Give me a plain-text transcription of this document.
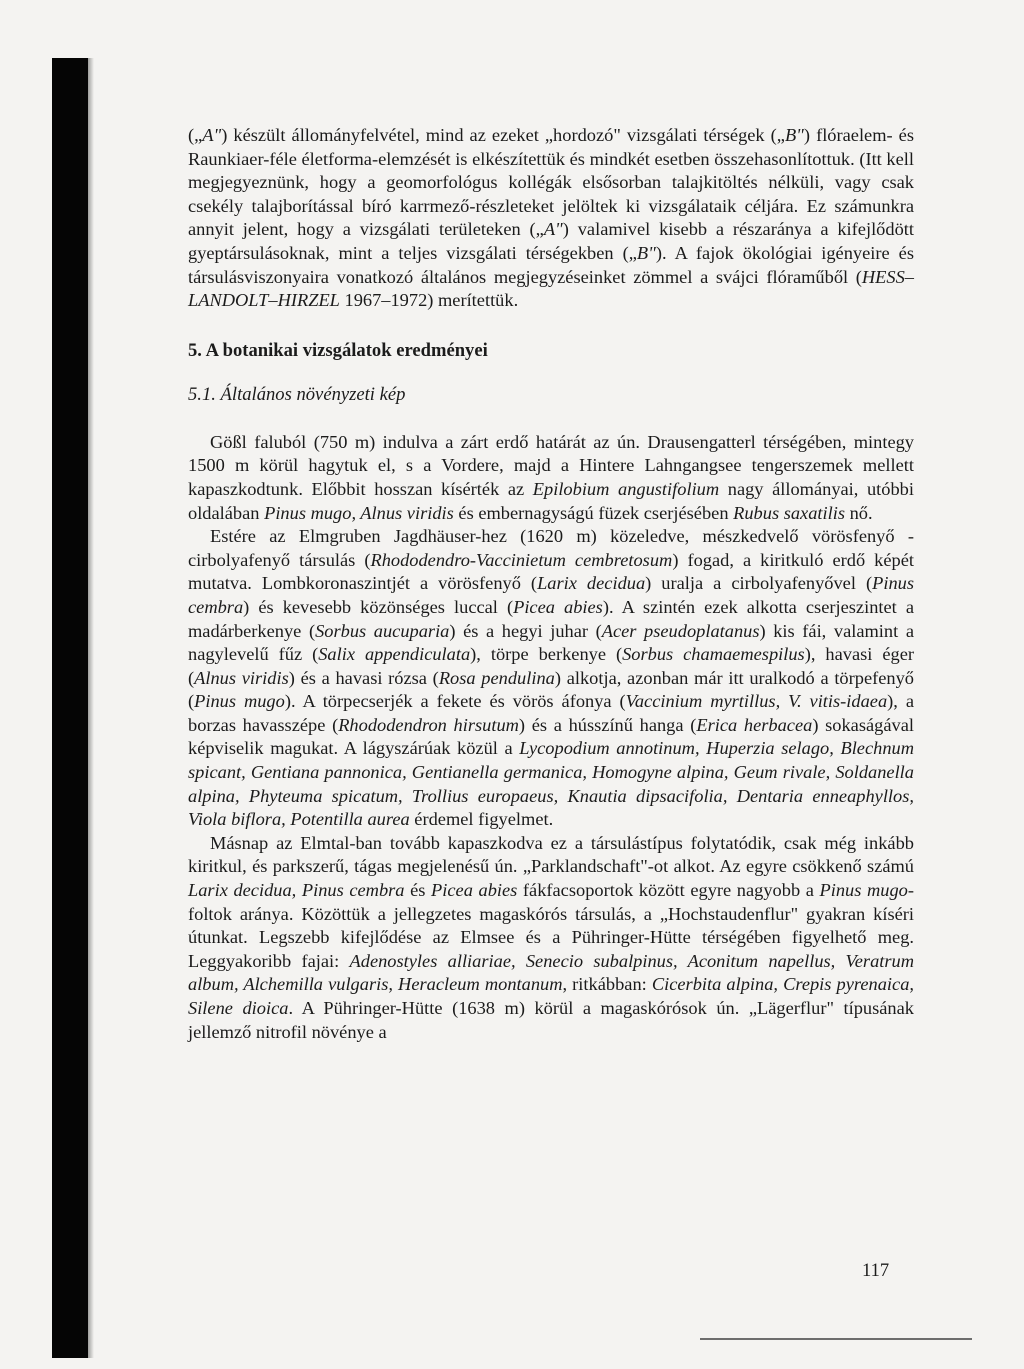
(„A") készült állományfelvétel, mind az ezeket „hordozó" vizsgálati térségek („B") flóraelem- és Raunkiaer-féle életforma-elemzését is elkészítettük és mindkét esetben összehasonlítottuk. (Itt kell megjegyeznünk, hogy a geomorfológus kollégák elsősorban talajkitöltés nélküli, vagy csak csekély talajborítással bíró karrmező-részleteket jelöltek ki vizsgálataik céljára. Ez számunkra annyit jelent, hogy a vizsgálati területeken („A") valamivel kisebb a részaránya a kifejlődött gyeptársulásoknak, mint a teljes vizsgálati térségekben („B"). A fajok ökológiai igényeire és társulásviszonyaira vonatkozó általános megjegyzéseinket zömmel a svájci flóraműből (HESS–LANDOLT–HIRZEL 1967–1972) merítettük.

5. A botanikai vizsgálatok eredményei
5.1. Általános növényzeti kép

Gößl faluból (750 m) indulva a zárt erdő határát az ún. Drausengatterl térségében, mintegy 1500 m körül hagytuk el, s a Vordere, majd a Hintere Lahngangsee tengerszemek mellett kapaszkodtunk. Előbbit hosszan kísérték az Epilobium angustifolium nagy állományai, utóbbi oldalában Pinus mugo, Alnus viridis és embernagyságú füzek cserjésében Rubus saxatilis nő.

Estére az Elmgruben Jagdhäuser-hez (1620 m) közeledve, mészkedvelő vörösfenyő - cirbolyafenyő társulás (Rhododendro-Vaccinietum cembretosum) fogad, a kiritkuló erdő képét mutatva. Lombkoronaszintjét a vörösfenyő (Larix decidua) uralja a cirbolyafenyővel (Pinus cembra) és kevesebb közönséges luccal (Picea abies). A szintén ezek alkotta cserjeszintet a madárberkenye (Sorbus aucuparia) és a hegyi juhar (Acer pseudoplatanus) kis fái, valamint a nagylevelű fűz (Salix appendiculata), törpe berkenye (Sorbus chamaemespilus), havasi éger (Alnus viridis) és a havasi rózsa (Rosa pendulina) alkotja, azonban már itt uralkodó a törpefenyő (Pinus mugo). A törpecserjék a fekete és vörös áfonya (Vaccinium myrtillus, V. vitis-idaea), a borzas havasszépe (Rhododendron hirsutum) és a hússzínű hanga (Erica herbacea) sokaságával képviselik magukat. A lágyszárúak közül a Lycopodium annotinum, Huperzia selago, Blechnum spicant, Gentiana pannonica, Gentianella germanica, Homogyne alpina, Geum rivale, Soldanella alpina, Phyteuma spicatum, Trollius europaeus, Knautia dipsacifolia, Dentaria enneaphyllos, Viola biflora, Potentilla aurea érdemel figyelmet.

Másnap az Elmtal-ban tovább kapaszkodva ez a társulástípus folytatódik, csak még inkább kiritkul, és parkszerű, tágas megjelenésű ún. „Parklandschaft"-ot alkot. Az egyre csökkenő számú Larix decidua, Pinus cembra és Picea abies fákfacsoportok között egyre nagyobb a Pinus mugo-foltok aránya. Közöttük a jellegzetes magaskórós társulás, a „Hochstaudenflur" gyakran kíséri útunkat. Legszebb kifejlődése az Elmsee és a Pühringer-Hütte térségében figyelhető meg. Leggyakoribb fajai: Adenostyles alliariae, Senecio subalpinus, Aconitum napellus, Veratrum album, Alchemilla vulgaris, Heracleum montanum, ritkábban: Cicerbita alpina, Crepis pyrenaica, Silene dioica. A Pühringer-Hütte (1638 m) körül a magaskórósok ún. „Lägerflur" típusának jellemző nitrofil növénye a

117
